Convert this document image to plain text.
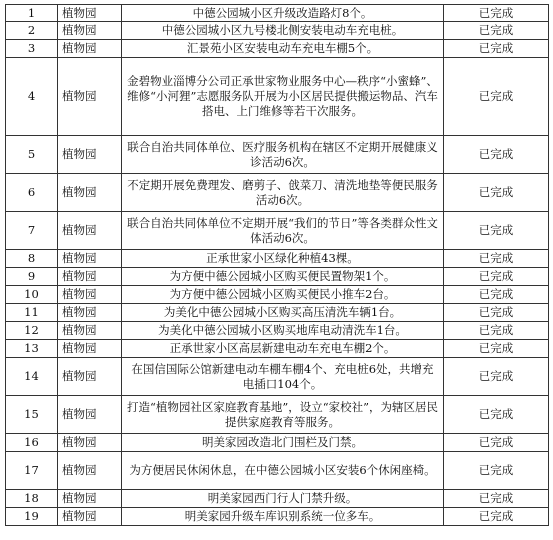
1	植物园	中德公园城小区升级改造路灯8个。	已完成
2	植物园	中德公园城小区九号楼北侧安装电动车充电桩。	已完成
3	植物园	汇景苑小区安装电动车充电车棚5个。	已完成
4	植物园	金碧物业淄博分公司正承世家物业服务中心—秩序“小蜜蜂”、维修“小河狸”志愿服务队开展为小区居民提供搬运物品、汽车搭电、上门维修等若干次服务。	已完成
5	植物园	联合自治共同体单位、医疗服务机构在辖区不定期开展健康义诊活动6次。	已完成
6	植物园	不定期开展免费理发、磨剪子、戗菜刀、清洗地垫等便民服务活动6次。	已完成
7	植物园	联合自治共同体单位不定期开展“我们的节日”等各类群众性文体活动6次。	已完成
8	植物园	正承世家小区绿化种植43棵。	已完成
9	植物园	为方便中德公园城小区购买便民置物架1个。	已完成
10	植物园	为方便中德公园城小区购买便民小推车2台。	已完成
11	植物园	为美化中德公园城小区购买高压清洗车辆1台。	已完成
12	植物园	为美化中德公园城小区购买地库电动清洗车1台。	已完成
13	植物园	正承世家小区高层新建电动车充电车棚2个。	已完成
14	植物园	在国信国际公馆新建电动车棚车棚4个、充电桩6处，共增充电插口104个。	已完成
15	植物园	打造“植物园社区家庭教育基地”，设立“家校社”，为辖区居民提供家庭教育等服务。	已完成
16	植物园	明美家园改造北门围栏及门禁。	已完成
17	植物园	为方便居民休闲休息，在中德公园城小区安装6个休闲座椅。	已完成
18	植物园	明美家园西门行人门禁升级。	已完成
19	植物园	明美家园升级车库识别系统一位多车。	已完成
